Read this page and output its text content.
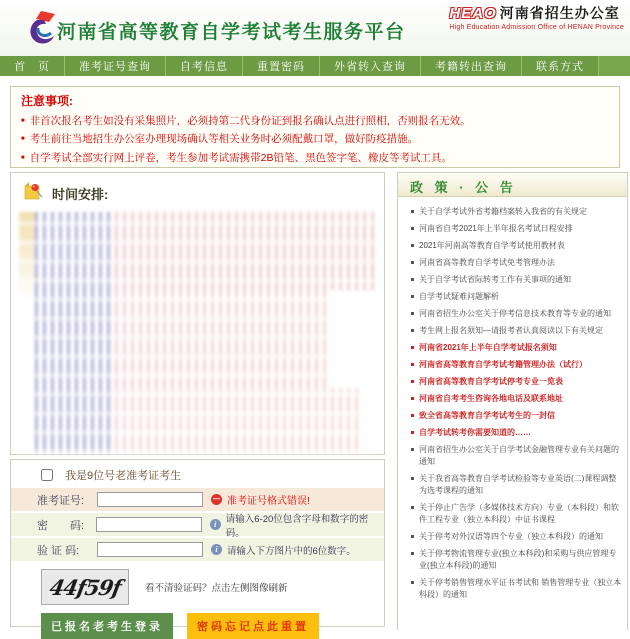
河南省高等教育自学考试考生服务平台
HEAO 河南省招生办公室
High Education Admission Office of HENAN Province
首　页	准考证号查询	自考信息	重置密码	外省转入查询	考籍转出查询	联系方式
注意事项:
■ 非首次报名考生如没有采集照片，必须持第二代身份证到报名确认点进行照相，否则报名无效。
■ 考生前往当地招生办公室办理现场确认等相关业务时必须配戴口罩，做好防疫措施。
■ 自学考试全部实行网上评卷，考生参加考试需携带2B铅笔、黑色签字笔、橡皮等考试工具。
时间安排:
我是9位号老准考证考生
准考证号: —	准考证号格式错误!
密　　码:
i
请输入6-20位包含字母和数字的密码。
验 证 码: i	请输入下方图片中的6位数字。
44f59f 看不清验证码？点击左侧图像刷新
已报名老考生登录	密码忘记点此重置
政 策 · 公 告
关于自学考试外省考籍档案转入我省的有关规定
河南省自考2021年上半年报名考试日程安排
2021年河南高等教育自学考试使用教材表
河南省高等教育自学考试免考管理办法
关于自学考试省际转考工作有关事项的通知
自学考试疑难问题解析
河南省招生办公室关于停考信息技术教育等专业的通知
考生网上报名须知—请报考者认真阅读以下有关规定
河南省2021年上半年自学考试报名须知
河南省高等教育自学考试考籍管理办法（试行）
河南省高等教育自学考试停考专业一览表
河南省自考考生咨询各地电话及联系地址
致全省高等教育自学考试考生的一封信
自学考试转考你需要知道的……
河南省招生办公室关于自学考试金融管理专业有关问题的通知
关于我省高等教育自学考试检验等专业英语(二)课程调整为选考课程的通知
关于停止广告学（多媒体技术方向）专业（本科段）和软件工程专业（独立本科段）中证书课程
关于停考对外汉语等四个专业（独立本科段）的通知
关于停考物流管理专业(独立本科段)和采购与供应管理专业(独立本科段)的通知
关于停考销售管理水平证书考试和 销售管理专业（独立本科段）的通知
